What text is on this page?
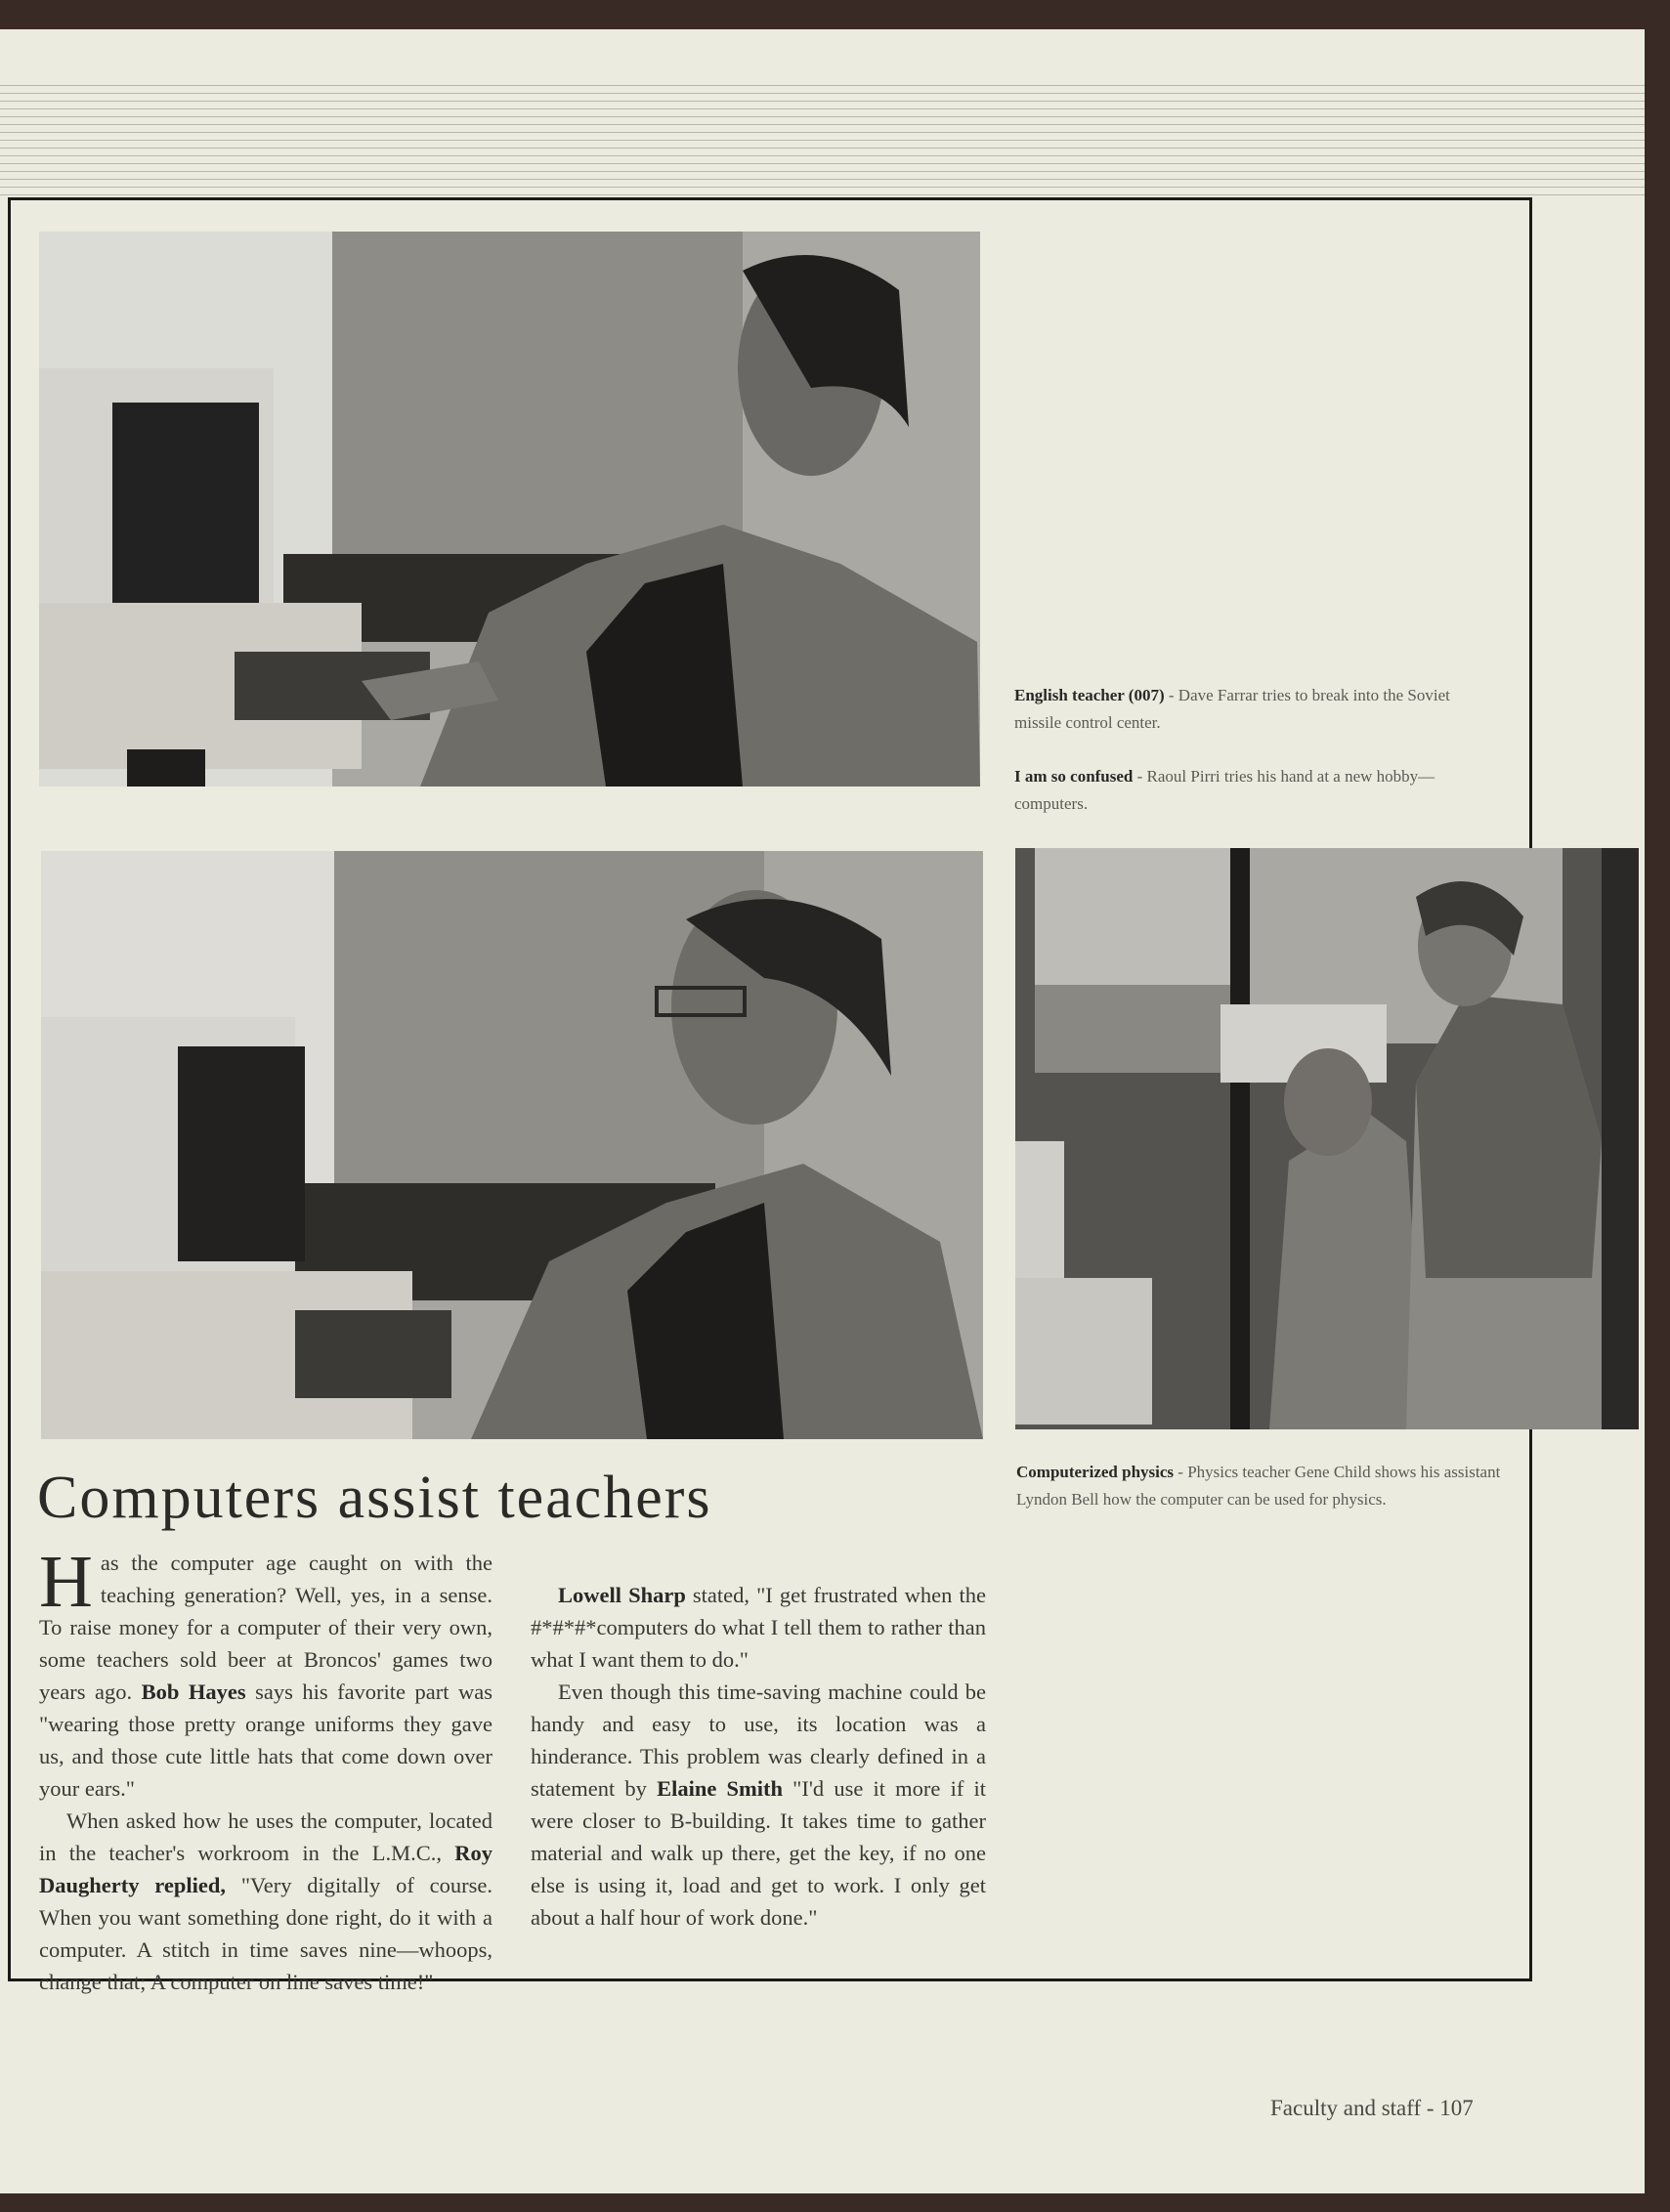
English teacher (007) - Dave Farrar tries to break into the Soviet missile control center.

I am so confused - Raoul Pirri tries his hand at a new hobby—computers.

Computerized physics - Physics teacher Gene Child shows his assistant Lyndon Bell how the computer can be used for physics.

Computers assist teachers

Has the computer age caught on with the teaching generation? Well, yes, in a sense. To raise money for a computer of their very own, some teachers sold beer at Broncos' games two years ago. Bob Hayes says his favorite part was "wearing those pretty orange uniforms they gave us, and those cute little hats that come down over your ears."

When asked how he uses the computer, located in the teacher's workroom in the L.M.C., Roy Daugherty replied, "Very digitally of course. When you want something done right, do it with a computer. A stitch in time saves nine—whoops, change that; A computer on line saves time!"

Lowell Sharp stated, "I get frustrated when the #*#*#*computers do what I tell them to rather than what I want them to do."

Even though this time-saving machine could be handy and easy to use, its location was a hinderance. This problem was clearly defined in a statement by Elaine Smith "I'd use it more if it were closer to B-building. It takes time to gather material and walk up there, get the key, if no one else is using it, load and get to work. I only get about a half hour of work done."

Faculty and staff - 107
